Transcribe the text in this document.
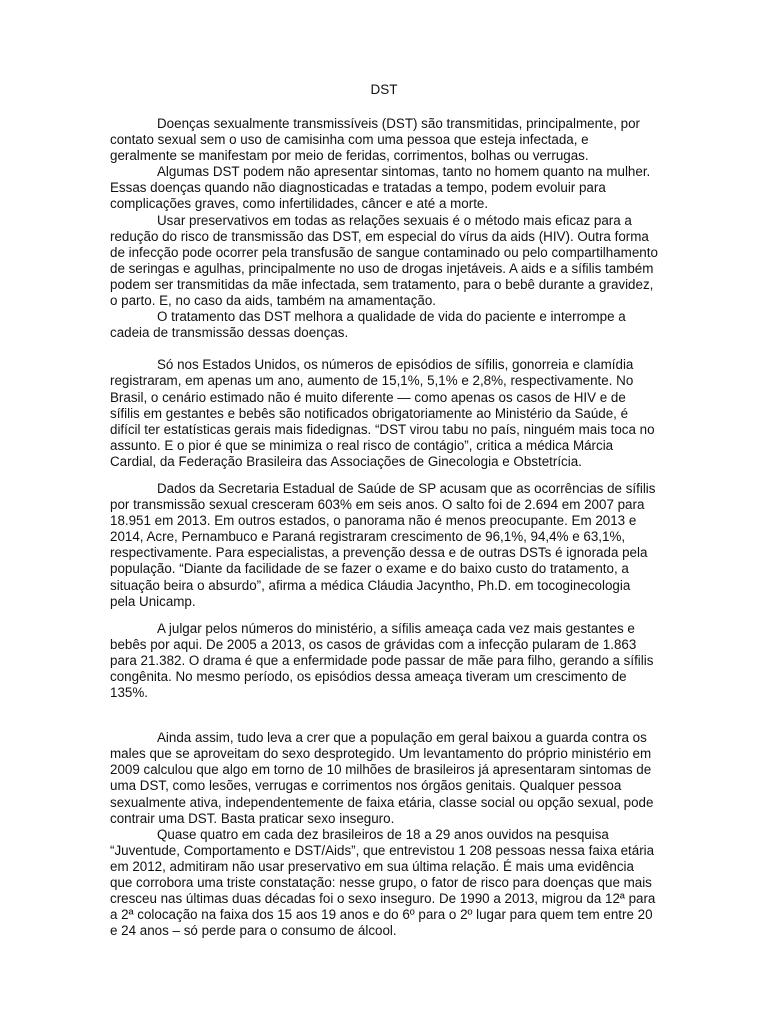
DST

Doenças sexualmente transmissíveis (DST) são transmitidas, principalmente, por contato sexual sem o uso de camisinha com uma pessoa que esteja infectada, e geralmente se manifestam por meio de feridas, corrimentos, bolhas ou verrugas.

Algumas DST podem não apresentar sintomas, tanto no homem quanto na mulher. Essas doenças quando não diagnosticadas e tratadas a tempo, podem evoluir para complicações graves, como infertilidades, câncer e até a morte.

Usar preservativos em todas as relações sexuais é o método mais eficaz para a redução do risco de transmissão das DST, em especial do vírus da aids (HIV). Outra forma de infecção pode ocorrer pela transfusão de sangue contaminado ou pelo compartilhamento de seringas e agulhas, principalmente no uso de drogas injetáveis. A aids e a sífilis também podem ser transmitidas da mãe infectada, sem tratamento, para o bebê durante a gravidez, o parto. E, no caso da aids, também na amamentação.

O tratamento das DST melhora a qualidade de vida do paciente e interrompe a cadeia de transmissão dessas doenças.

Só nos Estados Unidos, os números de episódios de sífilis, gonorreia e clamídia registraram, em apenas um ano, aumento de 15,1%, 5,1% e 2,8%, respectivamente. No Brasil, o cenário estimado não é muito diferente — como apenas os casos de HIV e de sífilis em gestantes e bebês são notificados obrigatoriamente ao Ministério da Saúde, é difícil ter estatísticas gerais mais fidedignas. “DST virou tabu no país, ninguém mais toca no assunto. E o pior é que se minimiza o real risco de contágio”, critica a médica Márcia Cardial, da Federação Brasileira das Associações de Ginecologia e Obstetrícia.

Dados da Secretaria Estadual de Saúde de SP acusam que as ocorrências de sífilis por transmissão sexual cresceram 603% em seis anos. O salto foi de 2.694 em 2007 para 18.951 em 2013. Em outros estados, o panorama não é menos preocupante. Em 2013 e 2014, Acre, Pernambuco e Paraná registraram crescimento de 96,1%, 94,4% e 63,1%, respectivamente. Para especialistas, a prevenção dessa e de outras DSTs é ignorada pela população. “Diante da facilidade de se fazer o exame e do baixo custo do tratamento, a situação beira o absurdo”, afirma a médica Cláudia Jacyntho, Ph.D. em tocoginecologia pela Unicamp.

A julgar pelos números do ministério, a sífilis ameaça cada vez mais gestantes e bebês por aqui. De 2005 a 2013, os casos de grávidas com a infecção pularam de 1.863 para 21.382. O drama é que a enfermidade pode passar de mãe para filho, gerando a sífilis congênita. No mesmo período, os episódios dessa ameaça tiveram um crescimento de 135%.

Ainda assim, tudo leva a crer que a população em geral baixou a guarda contra os males que se aproveitam do sexo desprotegido. Um levantamento do próprio ministério em 2009 calculou que algo em torno de 10 milhões de brasileiros já apresentaram sintomas de uma DST, como lesões, verrugas e corrimentos nos órgãos genitais. Qualquer pessoa sexualmente ativa, independentemente de faixa etária, classe social ou opção sexual, pode contrair uma DST. Basta praticar sexo inseguro.

Quase quatro em cada dez brasileiros de 18 a 29 anos ouvidos na pesquisa “Juventude, Comportamento e DST/Aids”, que entrevistou 1 208 pessoas nessa faixa etária em 2012, admitiram não usar preservativo em sua última relação. É mais uma evidência que corrobora uma triste constatação: nesse grupo, o fator de risco para doenças que mais cresceu nas últimas duas décadas foi o sexo inseguro. De 1990 a 2013, migrou da 12ª para a 2ª colocação na faixa dos 15 aos 19 anos e do 6º para o 2º lugar para quem tem entre 20 e 24 anos – só perde para o consumo de álcool.
